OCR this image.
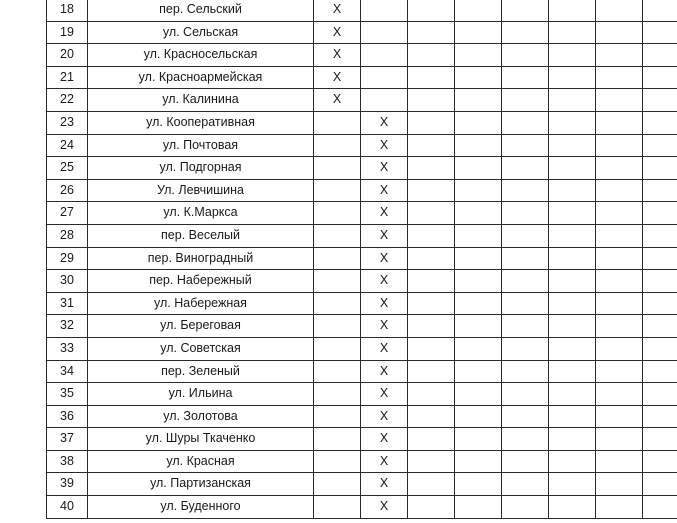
18	пер. Сельский	Х								
19	ул. Сельская	Х								
20	ул. Красносельская	Х								
21	ул. Красноармейская	Х								
22	ул. Калинина	Х								
23	ул. Кооперативная		Х							
24	ул. Почтовая		Х							
25	ул. Подгорная		Х							
26	Ул. Левчишина		Х							
27	ул. К.Маркса		Х							
28	пер. Веселый		Х							
29	пер. Виноградный		Х							
30	пер. Набережный		Х							
31	ул. Набережная		Х							
32	ул. Береговая		Х							
33	ул. Советская		Х							
34	пер. Зеленый		Х							
35	ул. Ильина		Х							
36	ул. Золотова		Х							
37	ул. Шуры Ткаченко		Х							
38	ул. Красная		Х							
39	ул. Партизанская		Х							
40	ул. Буденного		Х							
